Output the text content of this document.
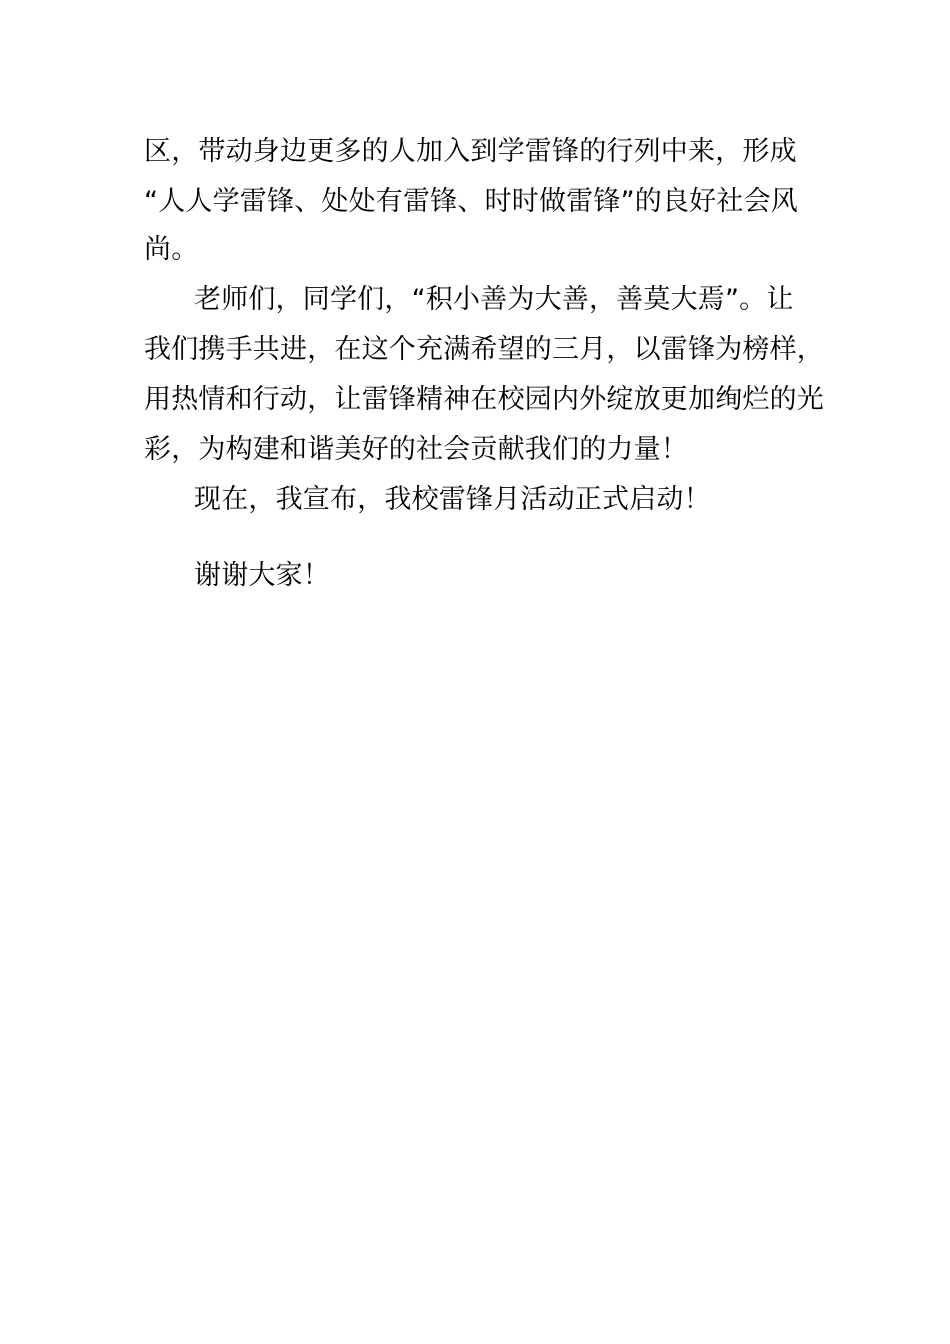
区，带动身边更多的人加入到学雷锋的行列中来，形成
“人人学雷锋、处处有雷锋、时时做雷锋”的良好社会风
尚。
老师们，同学们，“积小善为大善，善莫大焉”。让
我们携手共进，在这个充满希望的三月，以雷锋为榜样，
用热情和行动，让雷锋精神在校园内外绽放更加绚烂的光
彩，为构建和谐美好的社会贡献我们的力量！
现在，我宣布，我校雷锋月活动正式启动！
谢谢大家！
